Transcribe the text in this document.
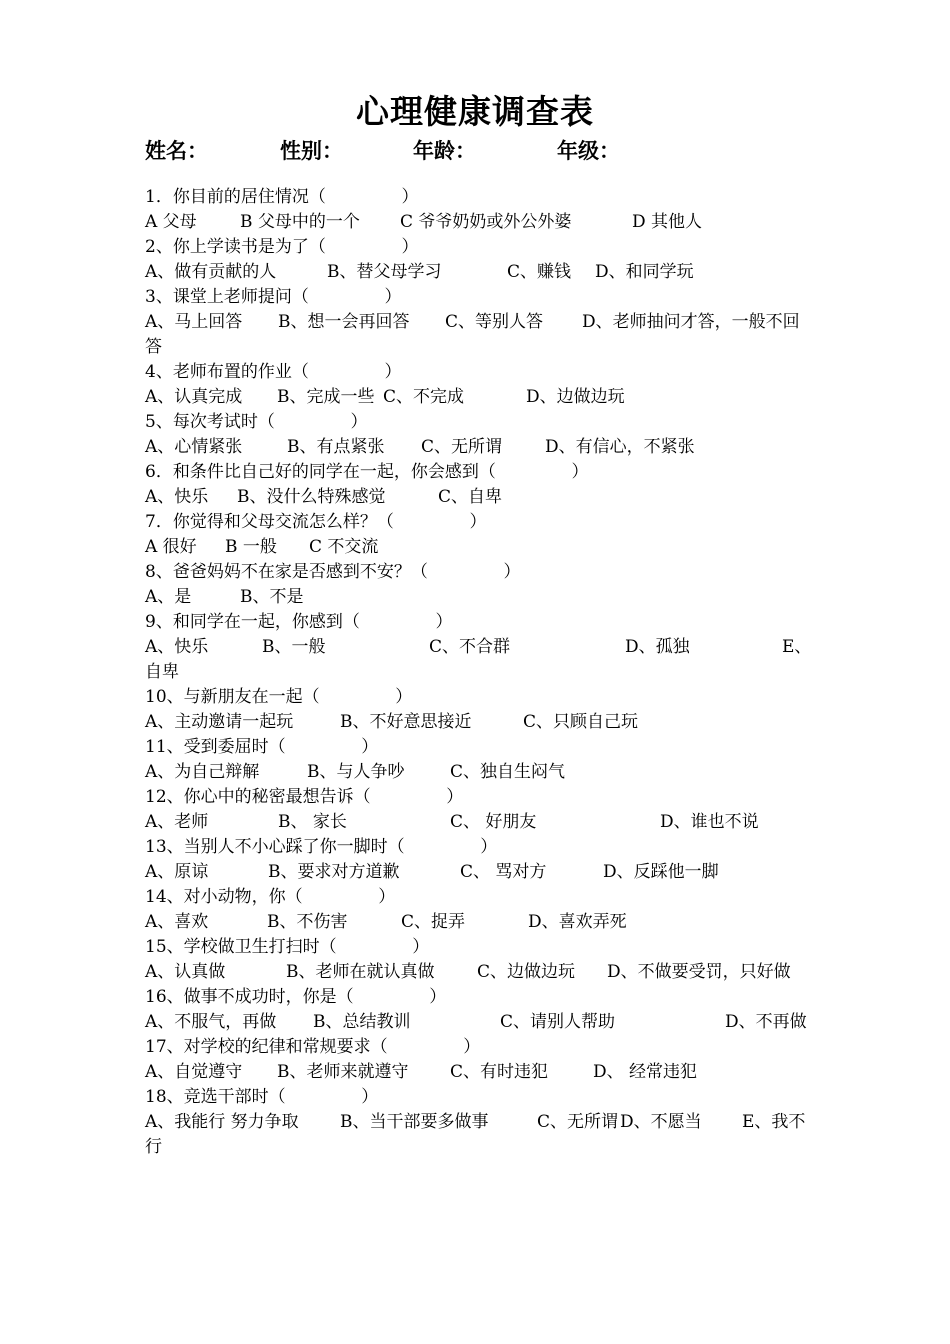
心理健康调查表
姓名：	性别：	年龄：	年级：
1．你目前的居住情况（              ）
A 父母	B 父母中的一个 C 爷爷奶奶或外公外婆	D 其他人
2、你上学读书是为了（              ）
A、做有贡献的人	B、替父母学习	C、赚钱 D、和同学玩
3、课堂上老师提问（              ）
A、马上回答 B、想一会再回答 C、等别人答 D、老师抽问才答，一般不回
答
4、老师布置的作业（              ）
A、认真完成 B、完成一些 C、不完成	D、边做边玩
5、每次考试时（              ）
A、心情紧张	B、有点紧张 C、无所谓	D、有信心，不紧张
6．和条件比自己好的同学在一起，你会感到（              ）
A、快乐 B、没什么特殊感觉	C、自卑
7．你觉得和父母交流怎么样？（              ）
A 很好 B 一般 C 不交流
8、爸爸妈妈不在家是否感到不安？（              ）
A、是	B、不是
9、和同学在一起，你感到（              ）
A、快乐	B、一般	C、不合群	D、孤独	E、
自卑
10、与新朋友在一起（              ）
A、主动邀请一起玩	B、不好意思接近	C、只顾自己玩
11、受到委屈时（              ）
A、为自己辩解	B、与人争吵	C、独自生闷气
12、你心中的秘密最想告诉（              ）
A、老师	B、 家长	C、 好朋友	D、谁也不说
13、当别人不小心踩了你一脚时（              ）
A、原谅	B、要求对方道歉	C、 骂对方	D、反踩他一脚
14、对小动物，你（              ）
A、喜欢	B、不伤害	C、捉弄	D、喜欢弄死
15、学校做卫生打扫时（              ）
A、认真做	B、老师在就认真做	C、边做边玩 D、不做要受罚，只好做
16、做事不成功时，你是（              ）
A、不服气，再做 B、总结教训	C、请别人帮助	D、不再做
17、对学校的纪律和常规要求（              ）
A、自觉遵守 B、老师来就遵守 C、有时违犯	D、 经常违犯
18、竞选干部时（              ）
A、我能行 努力争取 B、当干部要多做事	C、无所谓 D、不愿当 E、我不
行
